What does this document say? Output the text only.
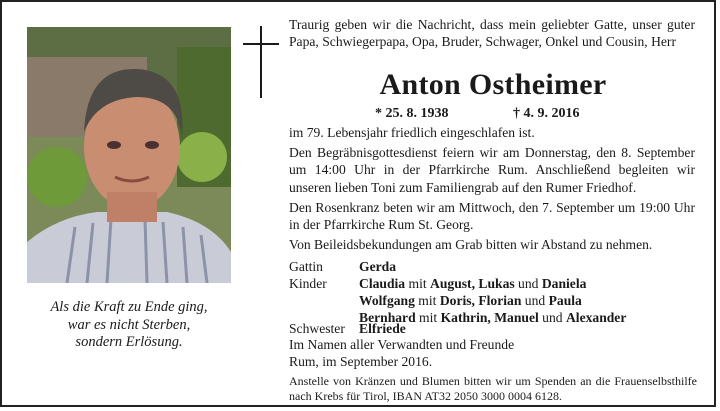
Als die Kraft zu Ende ging,
war es nicht Sterben,
sondern Erlösung.
Traurig geben wir die Nachricht, dass mein geliebter Gatte, unser guter Papa, Schwiegerpapa, Opa, Bruder, Schwager, Onkel und Cousin, Herr
Anton Ostheimer
* 25. 8. 1938	† 4. 9. 2016

im 79. Lebensjahr friedlich eingeschlafen ist.

Den Begräbnisgottesdienst feiern wir am Donnerstag, den 8. September um 14:00 Uhr in der Pfarrkirche Rum. Anschließend begleiten wir unseren lieben Toni zum Familiengrab auf den Rumer Friedhof.

Den Rosenkranz beten wir am Mittwoch, den 7. September um 19:00 Uhr in der Pfarrkirche Rum St. Georg.

Von Beileidsbekundungen am Grab bitten wir Abstand zu nehmen.

Gattin	Gerda
Kinder Claudia mit August, Lukas und Daniela
Wolfgang mit Doris, Florian und Paula
Bernhard mit Kathrin, Manuel und Alexander
Schwester Elfriede
Im Namen aller Verwandten und Freunde
Rum, im September 2016.
Anstelle von Kränzen und Blumen bitten wir um Spenden an die Frauenselbsthilfe nach Krebs für Tirol, IBAN AT32 2050 3000 0004 6128.
